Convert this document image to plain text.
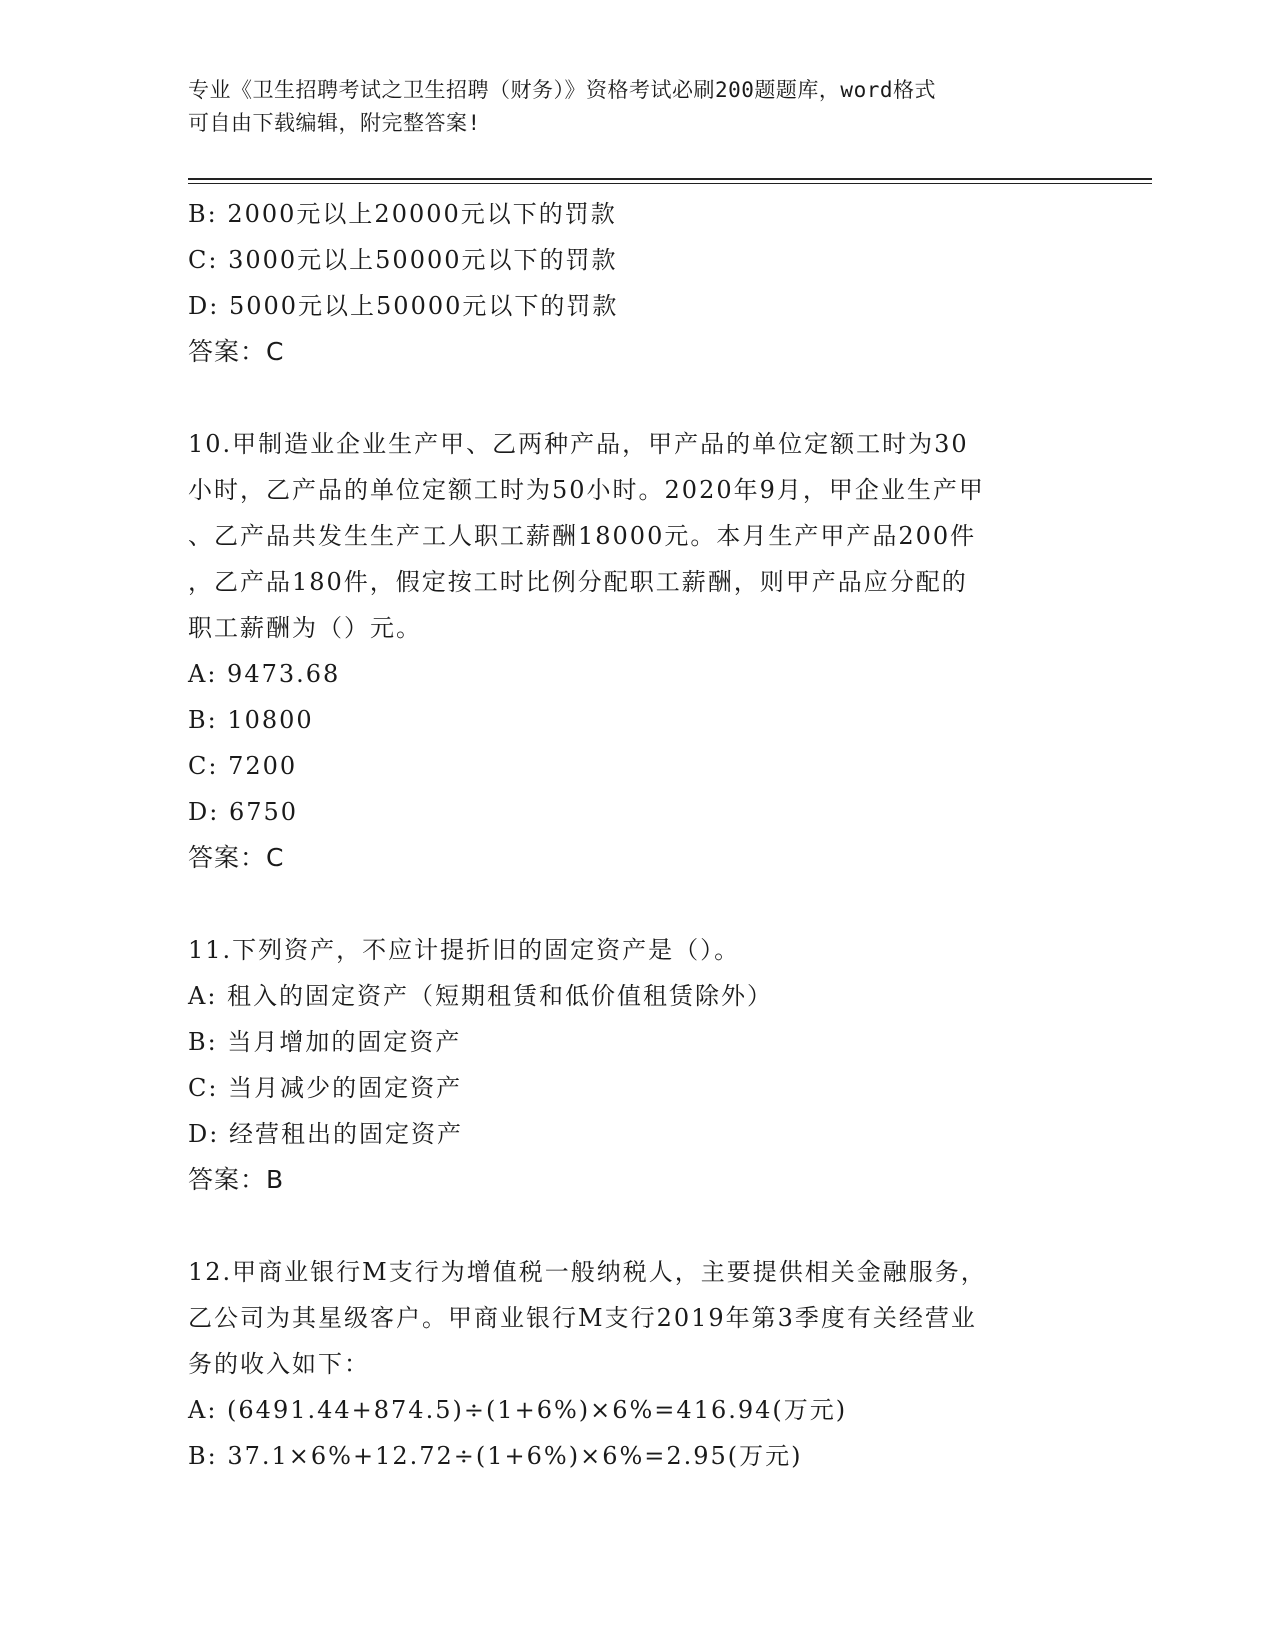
专业《卫生招聘考试之卫生招聘（财务）》资格考试必刷200题题库，word格式
可自由下载编辑，附完整答案!
B: 2000元以上20000元以下的罚款
C: 3000元以上50000元以下的罚款
D: 5000元以上50000元以下的罚款
答案：C
10.甲制造业企业生产甲、乙两种产品，甲产品的单位定额工时为30
小时，乙产品的单位定额工时为50小时。2020年9月，甲企业生产甲
、乙产品共发生生产工人职工薪酬18000元。本月生产甲产品200件
，乙产品180件，假定按工时比例分配职工薪酬，则甲产品应分配的
职工薪酬为（）元。
A: 9473.68
B: 10800
C: 7200
D: 6750
答案：C
11.下列资产，不应计提折旧的固定资产是（）。
A: 租入的固定资产（短期租赁和低价值租赁除外）
B: 当月增加的固定资产
C: 当月减少的固定资产
D: 经营租出的固定资产
答案：B
12.甲商业银行M支行为增值税一般纳税人，主要提供相关金融服务，
乙公司为其星级客户。甲商业银行M支行2019年第3季度有关经营业
务的收入如下：
A: (6491.44+874.5)÷(1+6%)×6%=416.94(万元)
B: 37.1×6%+12.72÷(1+6%)×6%=2.95(万元)
